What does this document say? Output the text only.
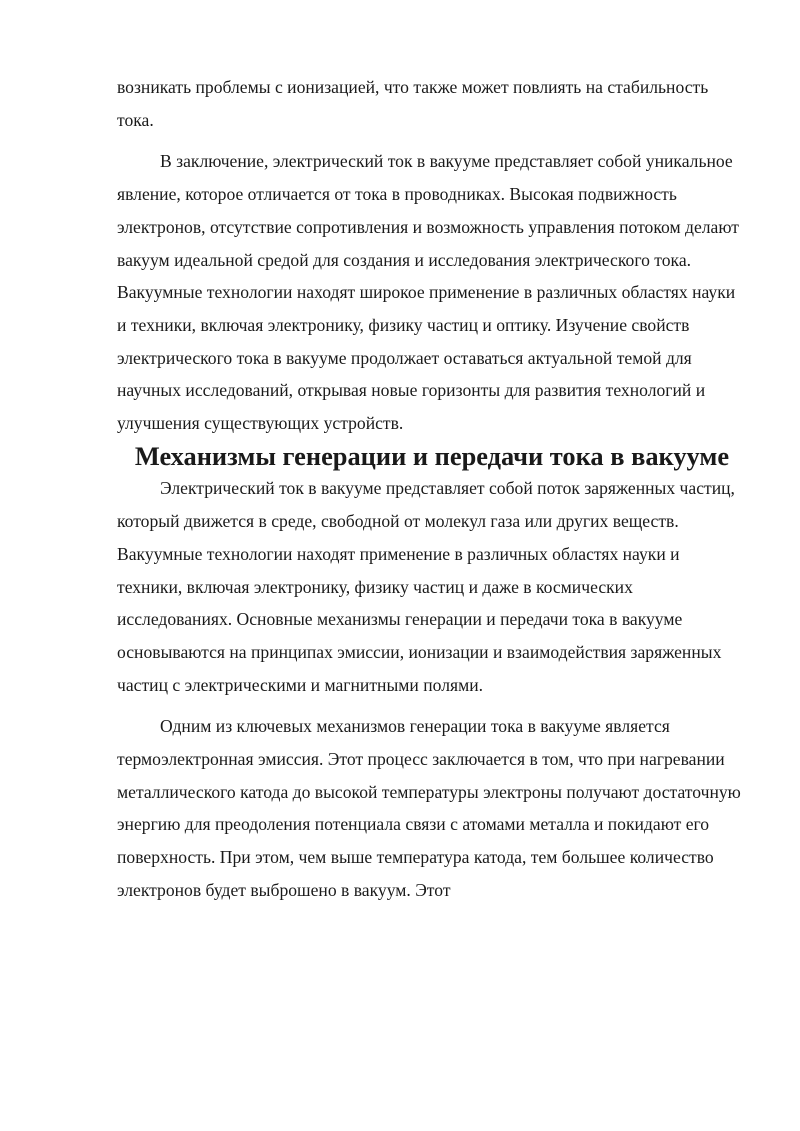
возникать проблемы с ионизацией, что также может повлиять на стабильность тока.

В заключение, электрический ток в вакууме представляет собой уникальное явление, которое отличается от тока в проводниках. Высокая подвижность электронов, отсутствие сопротивления и возможность управления потоком делают вакуум идеальной средой для создания и исследования электрического тока. Вакуумные технологии находят широкое применение в различных областях науки и техники, включая электронику, физику частиц и оптику. Изучение свойств электрического тока в вакууме продолжает оставаться актуальной темой для научных исследований, открывая новые горизонты для развития технологий и улучшения существующих устройств.

Механизмы генерации и передачи тока в вакууме

Электрический ток в вакууме представляет собой поток заряженных частиц, который движется в среде, свободной от молекул газа или других веществ. Вакуумные технологии находят применение в различных областях науки и техники, включая электронику, физику частиц и даже в космических исследованиях. Основные механизмы генерации и передачи тока в вакууме основываются на принципах эмиссии, ионизации и взаимодействия заряженных частиц с электрическими и магнитными полями.

Одним из ключевых механизмов генерации тока в вакууме является термоэлектронная эмиссия. Этот процесс заключается в том, что при нагревании металлического катода до высокой температуры электроны получают достаточную энергию для преодоления потенциала связи с атомами металла и покидают его поверхность. При этом, чем выше температура катода, тем большее количество электронов будет выброшено в вакуум. Этот
